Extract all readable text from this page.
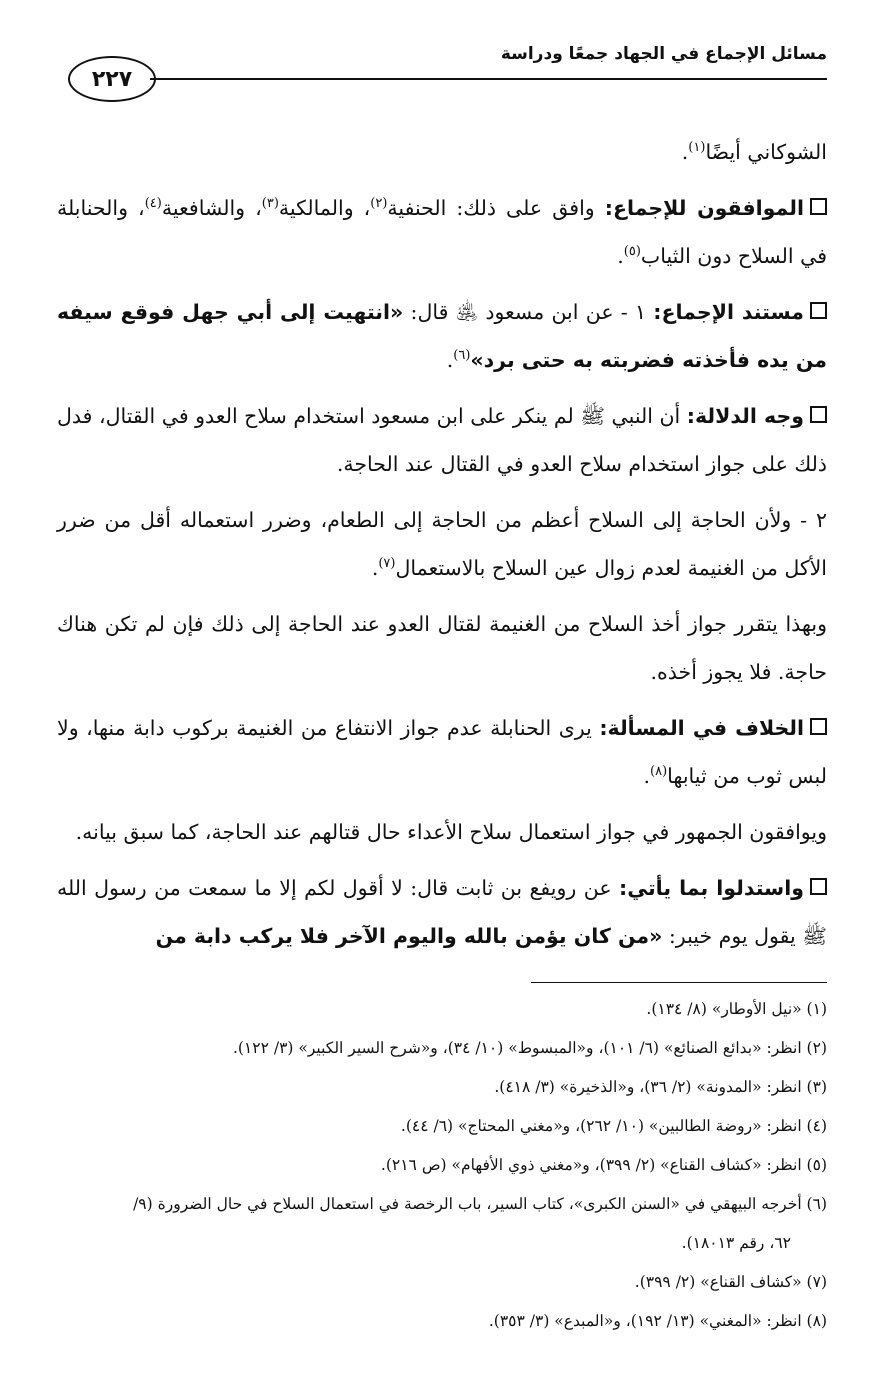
مسائل الإجماع في الجهاد جمعًا ودراسة
٢٢٧

الشوكاني أيضًا$^{(١)}$.

الموافقون للإجماع: وافق على ذلك: الحنفية$^{(٢)}$، والمالكية$^{(٣)}$، والشافعية$^{(٤)}$، والحنابلة في السلاح دون الثياب$^{(٥)}$.

مستند الإجماع: ١ - عن ابن مسعود ﵁ قال: «انتهيت إلى أبي جهل فوقع سيفه من يده فأخذته فضربته به حتى برد»$^{(٦)}$.

وجه الدلالة: أن النبي ﷺ لم ينكر على ابن مسعود استخدام سلاح العدو في القتال، فدل ذلك على جواز استخدام سلاح العدو في القتال عند الحاجة.

٢ - ولأن الحاجة إلى السلاح أعظم من الحاجة إلى الطعام، وضرر استعماله أقل من ضرر الأكل من الغنيمة لعدم زوال عين السلاح بالاستعمال$^{(٧)}$.

وبهذا يتقرر جواز أخذ السلاح من الغنيمة لقتال العدو عند الحاجة إلى ذلك فإن لم تكن هناك حاجة. فلا يجوز أخذه.

الخلاف في المسألة: يرى الحنابلة عدم جواز الانتفاع من الغنيمة بركوب دابة منها، ولا لبس ثوب من ثيابها$^{(٨)}$.

ويوافقون الجمهور في جواز استعمال سلاح الأعداء حال قتالهم عند الحاجة، كما سبق بيانه.

واستدلوا بما يأتي: عن رويفع بن ثابت قال: لا أقول لكم إلا ما سمعت من رسول الله ﷺ يقول يوم خيبر: «من كان يؤمن بالله واليوم الآخر فلا يركب دابة من

(١) «نيل الأوطار» (٨/ ١٣٤).

(٢) انظر: «بدائع الصنائع» (٦/ ١٠١)، و«المبسوط» (١٠/ ٣٤)، و«شرح السير الكبير» (٣/ ١٢٢).

(٣) انظر: «المدونة» (٢/ ٣٦)، و«الذخيرة» (٣/ ٤١٨).

(٤) انظر: «روضة الطالبين» (١٠/ ٢٦٢)، و«مغني المحتاج» (٦/ ٤٤).

(٥) انظر: «كشاف القناع» (٢/ ٣٩٩)، و«مغني ذوي الأفهام» (ص ٢١٦).

(٦) أخرجه البيهقي في «السنن الكبرى»، كتاب السير، باب الرخصة في استعمال السلاح في حال الضرورة (٩/

٦٢، رقم ١٨٠١٣).

(٧) «كشاف القناع» (٢/ ٣٩٩).

(٨) انظر: «المغني» (١٣/ ١٩٢)، و«المبدع» (٣/ ٣٥٣).
